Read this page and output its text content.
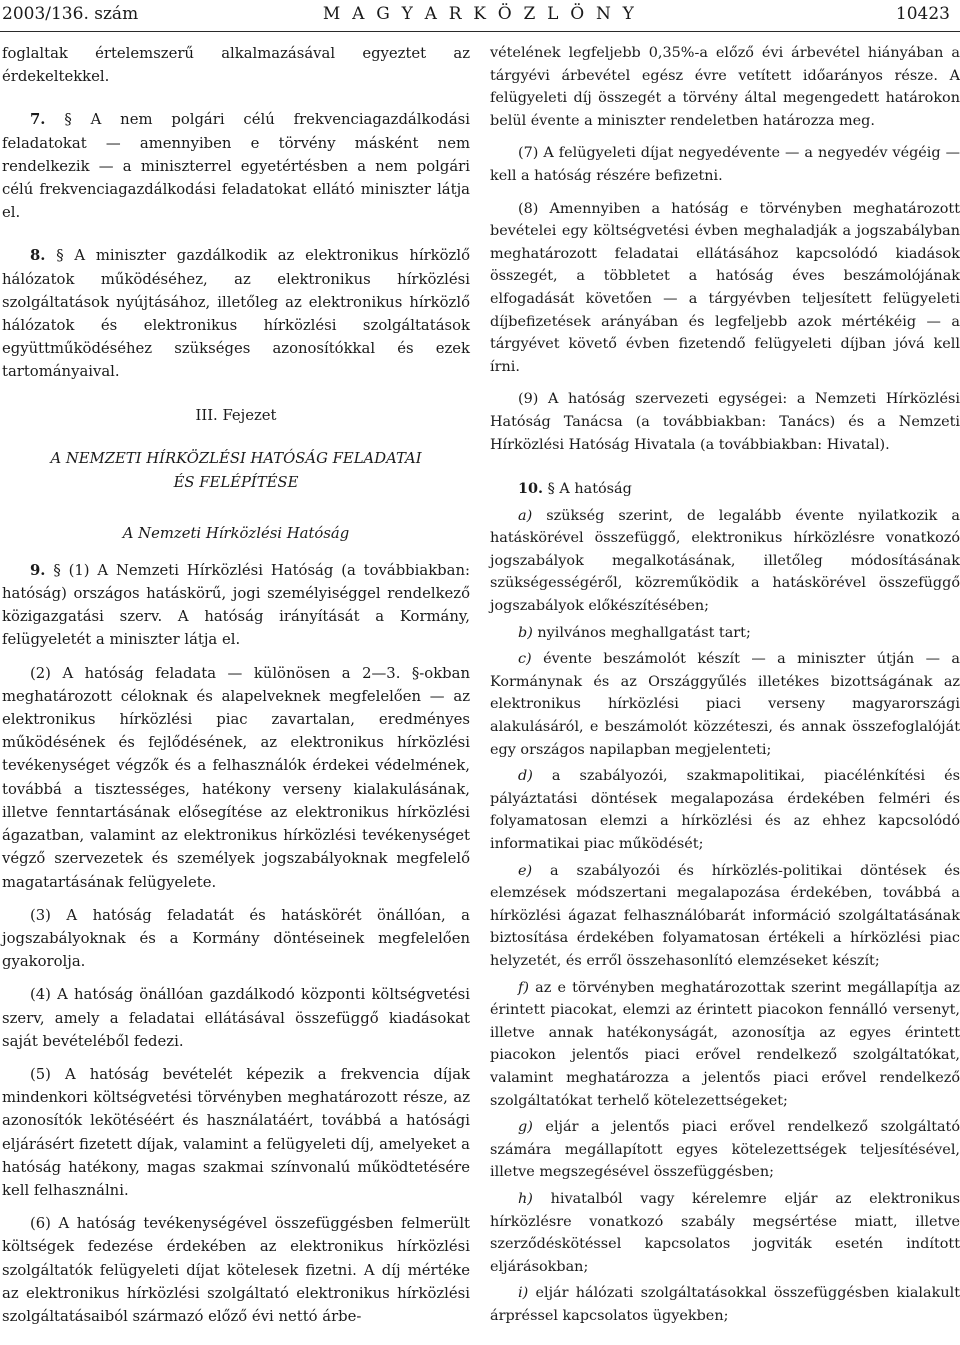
2003/136. szám	M A G Y A R K Ö Z L Ö N Y	10423

foglaltak értelemszerű alkalmazásával egyeztet az érdekeltekkel.

7. § A nem polgári célú frekvenciagazdálkodási feladatokat — amennyiben e törvény másként nem rendelkezik — a miniszterrel egyetértésben a nem polgári célú frekvenciagazdálkodási feladatokat ellátó miniszter látja el.

8. § A miniszter gazdálkodik az elektronikus hírközlő hálózatok működéséhez, az elektronikus hírközlési szolgáltatások nyújtásához, illetőleg az elektronikus hírközlő hálózatok és elektronikus hírközlési szolgáltatások együttműködéséhez szükséges azonosítókkal és ezek tartományaival.

III. Fejezet

A NEMZETI HÍRKÖZLÉSI HATÓSÁG FELADATAI
ÉS FELÉPÍTÉSE

A Nemzeti Hírközlési Hatóság

9. § (1) A Nemzeti Hírközlési Hatóság (a továbbiakban: hatóság) országos hatáskörű, jogi személyiséggel rendelkező közigazgatási szerv. A hatóság irányítását a Kormány, felügyeletét a miniszter látja el.

(2) A hatóság feladata — különösen a 2—3. §-okban meghatározott céloknak és alapelveknek megfelelően — az elektronikus hírközlési piac zavartalan, eredményes működésének és fejlődésének, az elektronikus hírközlési tevékenységet végzők és a felhasználók érdekei védelmének, továbbá a tisztességes, hatékony verseny kialakulásának, illetve fenntartásának elősegítése az elektronikus hírközlési ágazatban, valamint az elektronikus hírközlési tevékenységet végző szervezetek és személyek jogszabályoknak megfelelő magatartásának felügyelete.

(3) A hatóság feladatát és hatáskörét önállóan, a jogszabályoknak és a Kormány döntéseinek megfelelően gyakorolja.

(4) A hatóság önállóan gazdálkodó központi költségvetési szerv, amely a feladatai ellátásával összefüggő kiadásokat saját bevételéből fedezi.

(5) A hatóság bevételét képezik a frekvencia díjak mindenkori költségvetési törvényben meghatározott része, az azonosítók lekötéséért és használatáért, továbbá a hatósági eljárásért fizetett díjak, valamint a felügyeleti díj, amelyeket a hatóság hatékony, magas szakmai színvonalú működtetésére kell felhasználni.

(6) A hatóság tevékenységével összefüggésben felmerült költségek fedezése érdekében az elektronikus hírközlési szolgáltatók felügyeleti díjat kötelesek fizetni. A díj mértéke az elektronikus hírközlési szolgáltató elektronikus hírközlési szolgáltatásaiból származó előző évi nettó árbe-

vételének legfeljebb 0,35%-a előző évi árbevétel hiányában a tárgyévi árbevétel egész évre vetített időarányos része. A felügyeleti díj összegét a törvény által megengedett határokon belül évente a miniszter rendeletben határozza meg.

(7) A felügyeleti díjat negyedévente — a negyedév végéig — kell a hatóság részére befizetni.

(8) Amennyiben a hatóság e törvényben meghatározott bevételei egy költségvetési évben meghaladják a jogszabályban meghatározott feladatai ellátásához kapcsolódó kiadások összegét, a többletet a hatóság éves beszámolójának elfogadását követően — a tárgyévben teljesített felügyeleti díjbefizetések arányában és legfeljebb azok mértékéig — a tárgyévet követő évben fizetendő felügyeleti díjban jóvá kell írni.

(9) A hatóság szervezeti egységei: a Nemzeti Hírközlési Hatóság Tanácsa (a továbbiakban: Tanács) és a Nemzeti Hírközlési Hatóság Hivatala (a továbbiakban: Hivatal).

10. § A hatóság

a) szükség szerint, de legalább évente nyilatkozik a hatáskörével összefüggő, elektronikus hírközlésre vonatkozó jogszabályok megalkotásának, illetőleg módosításának szükségességéről, közreműködik a hatáskörével összefüggő jogszabályok előkészítésében;

b) nyilvános meghallgatást tart;

c) évente beszámolót készít — a miniszter útján — a Kormánynak és az Országgyűlés illetékes bizottságának az elektronikus hírközlési piaci verseny magyarországi alakulásáról, e beszámolót közzéteszi, és annak összefoglalóját egy országos napilapban megjelenteti;

d) a szabályozói, szakmapolitikai, piacélénkítési és pályáztatási döntések megalapozása érdekében felméri és folyamatosan elemzi a hírközlési és az ehhez kapcsolódó informatikai piac működését;

e) a szabályozói és hírközlés-politikai döntések és elemzések módszertani megalapozása érdekében, továbbá a hírközlési ágazat felhasználóbarát információ szolgáltatásának biztosítása érdekében folyamatosan értékeli a hírközlési piac helyzetét, és erről összehasonlító elemzéseket készít;

f) az e törvényben meghatározottak szerint megállapítja az érintett piacokat, elemzi az érintett piacokon fennálló versenyt, illetve annak hatékonyságát, azonosítja az egyes érintett piacokon jelentős piaci erővel rendelkező szolgáltatókat, valamint meghatározza a jelentős piaci erővel rendelkező szolgáltatókat terhelő kötelezettségeket;

g) eljár a jelentős piaci erővel rendelkező szolgáltató számára megállapított egyes kötelezettségek teljesítésével, illetve megszegésével összefüggésben;

h) hivatalból vagy kérelemre eljár az elektronikus hírközlésre vonatkozó szabály megsértése miatt, illetve szerződéskötéssel kapcsolatos jogviták esetén indított eljárásokban;

i) eljár hálózati szolgáltatásokkal összefüggésben kialakult árpréssel kapcsolatos ügyekben;
